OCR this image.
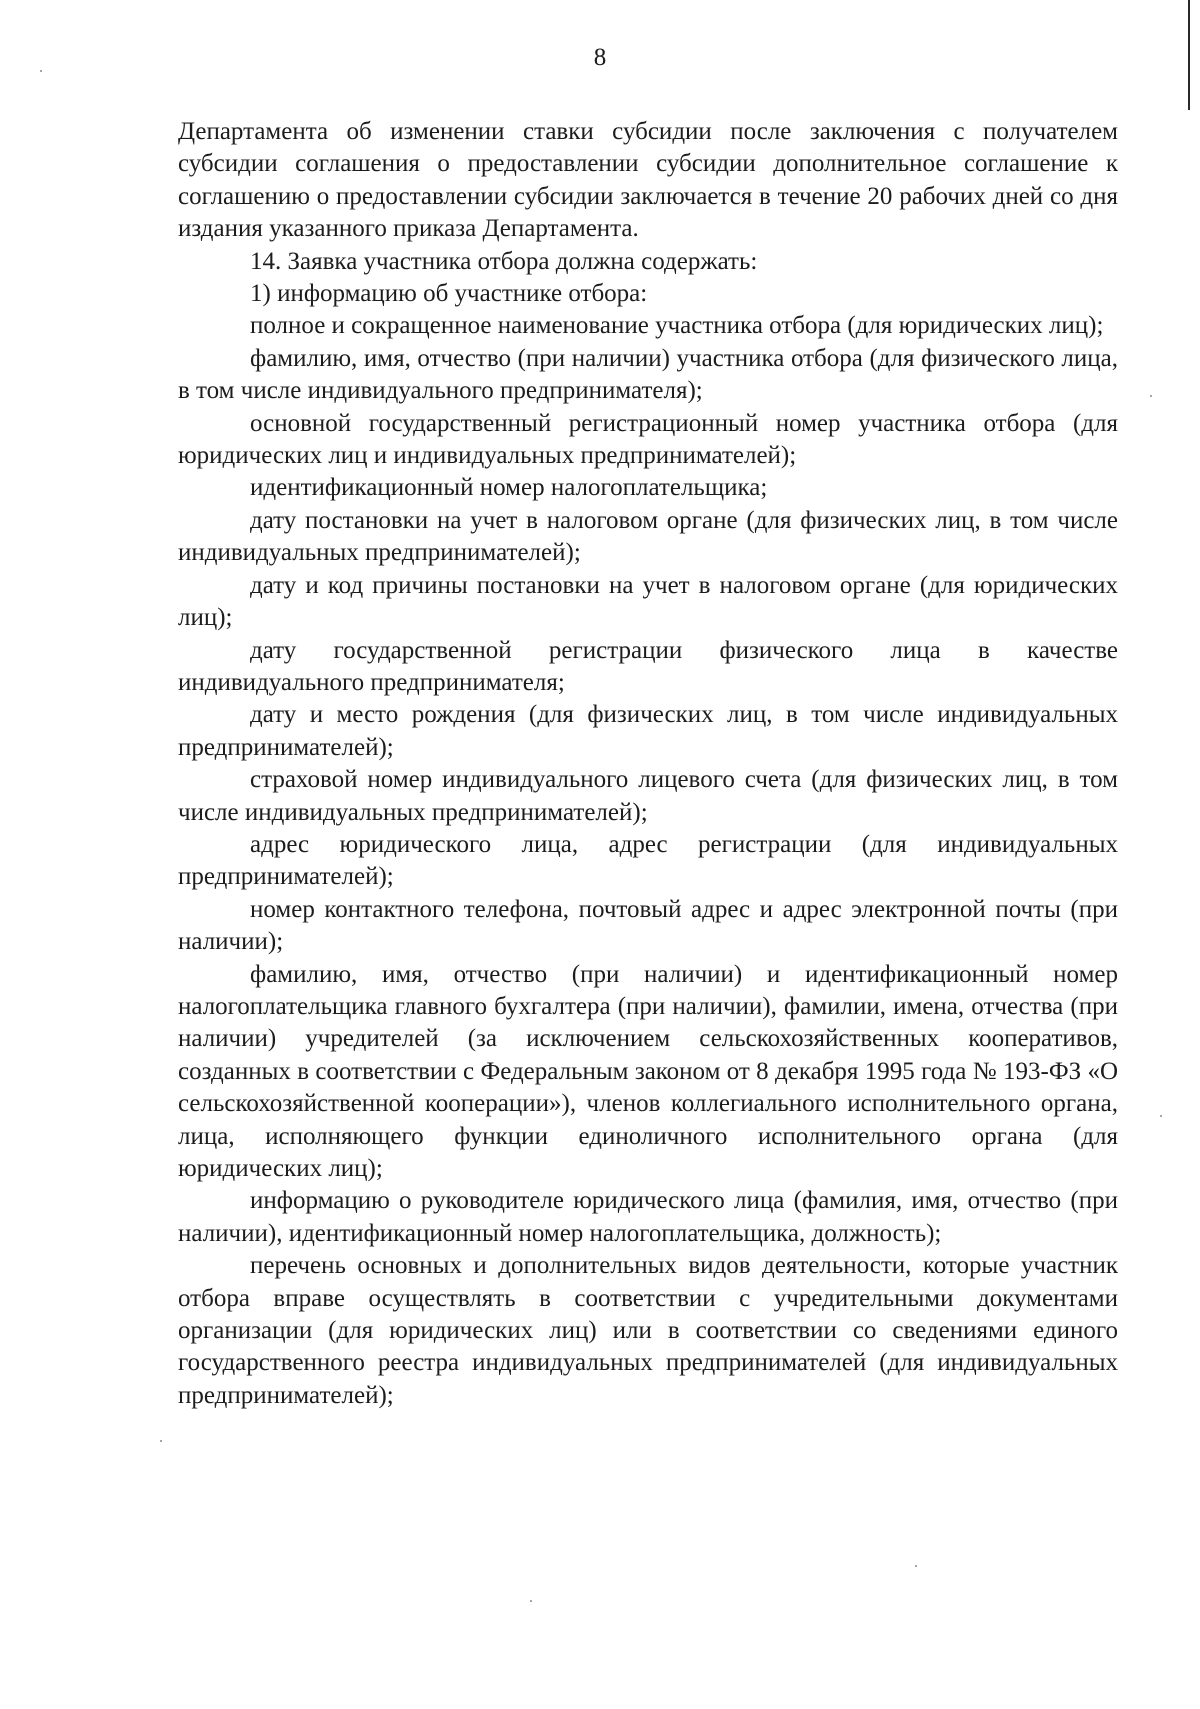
8

Департамента об изменении ставки субсидии после заключения с получателем субсидии соглашения о предоставлении субсидии дополнительное соглашение к соглашению о предоставлении субсидии заключается в течение 20 рабочих дней со дня издания указанного приказа Департамента.

14. Заявка участника отбора должна содержать:

1) информацию об участнике отбора:

полное и сокращенное наименование участника отбора (для юридических лиц);

фамилию, имя, отчество (при наличии) участника отбора (для физического лица, в том числе индивидуального предпринимателя);

основной государственный регистрационный номер участника отбора (для юридических лиц и индивидуальных предпринимателей);

идентификационный номер налогоплательщика;

дату постановки на учет в налоговом органе (для физических лиц, в том числе индивидуальных предпринимателей);

дату и код причины постановки на учет в налоговом органе (для юридических лиц);

дату государственной регистрации физического лица в качестве индивидуального предпринимателя;

дату и место рождения (для физических лиц, в том числе индивидуальных предпринимателей);

страховой номер индивидуального лицевого счета (для физических лиц, в том числе индивидуальных предпринимателей);

адрес юридического лица, адрес регистрации (для индивидуальных предпринимателей);

номер контактного телефона, почтовый адрес и адрес электронной почты (при наличии);

фамилию, имя, отчество (при наличии) и идентификационный номер налогоплательщика главного бухгалтера (при наличии), фамилии, имена, отчества (при наличии) учредителей (за исключением сельскохозяйственных кооперативов, созданных в соответствии с Федеральным законом от 8 декабря 1995 года № 193-ФЗ «О сельскохозяйственной кооперации»), членов коллегиального исполнительного органа, лица, исполняющего функции единоличного исполнительного органа (для юридических лиц);

информацию о руководителе юридического лица (фамилия, имя, отчество (при наличии), идентификационный номер налогоплательщика, должность);

перечень основных и дополнительных видов деятельности, которые участник отбора вправе осуществлять в соответствии с учредительными документами организации (для юридических лиц) или в соответствии со сведениями единого государственного реестра индивидуальных предпринимателей (для индивидуальных предпринимателей);
